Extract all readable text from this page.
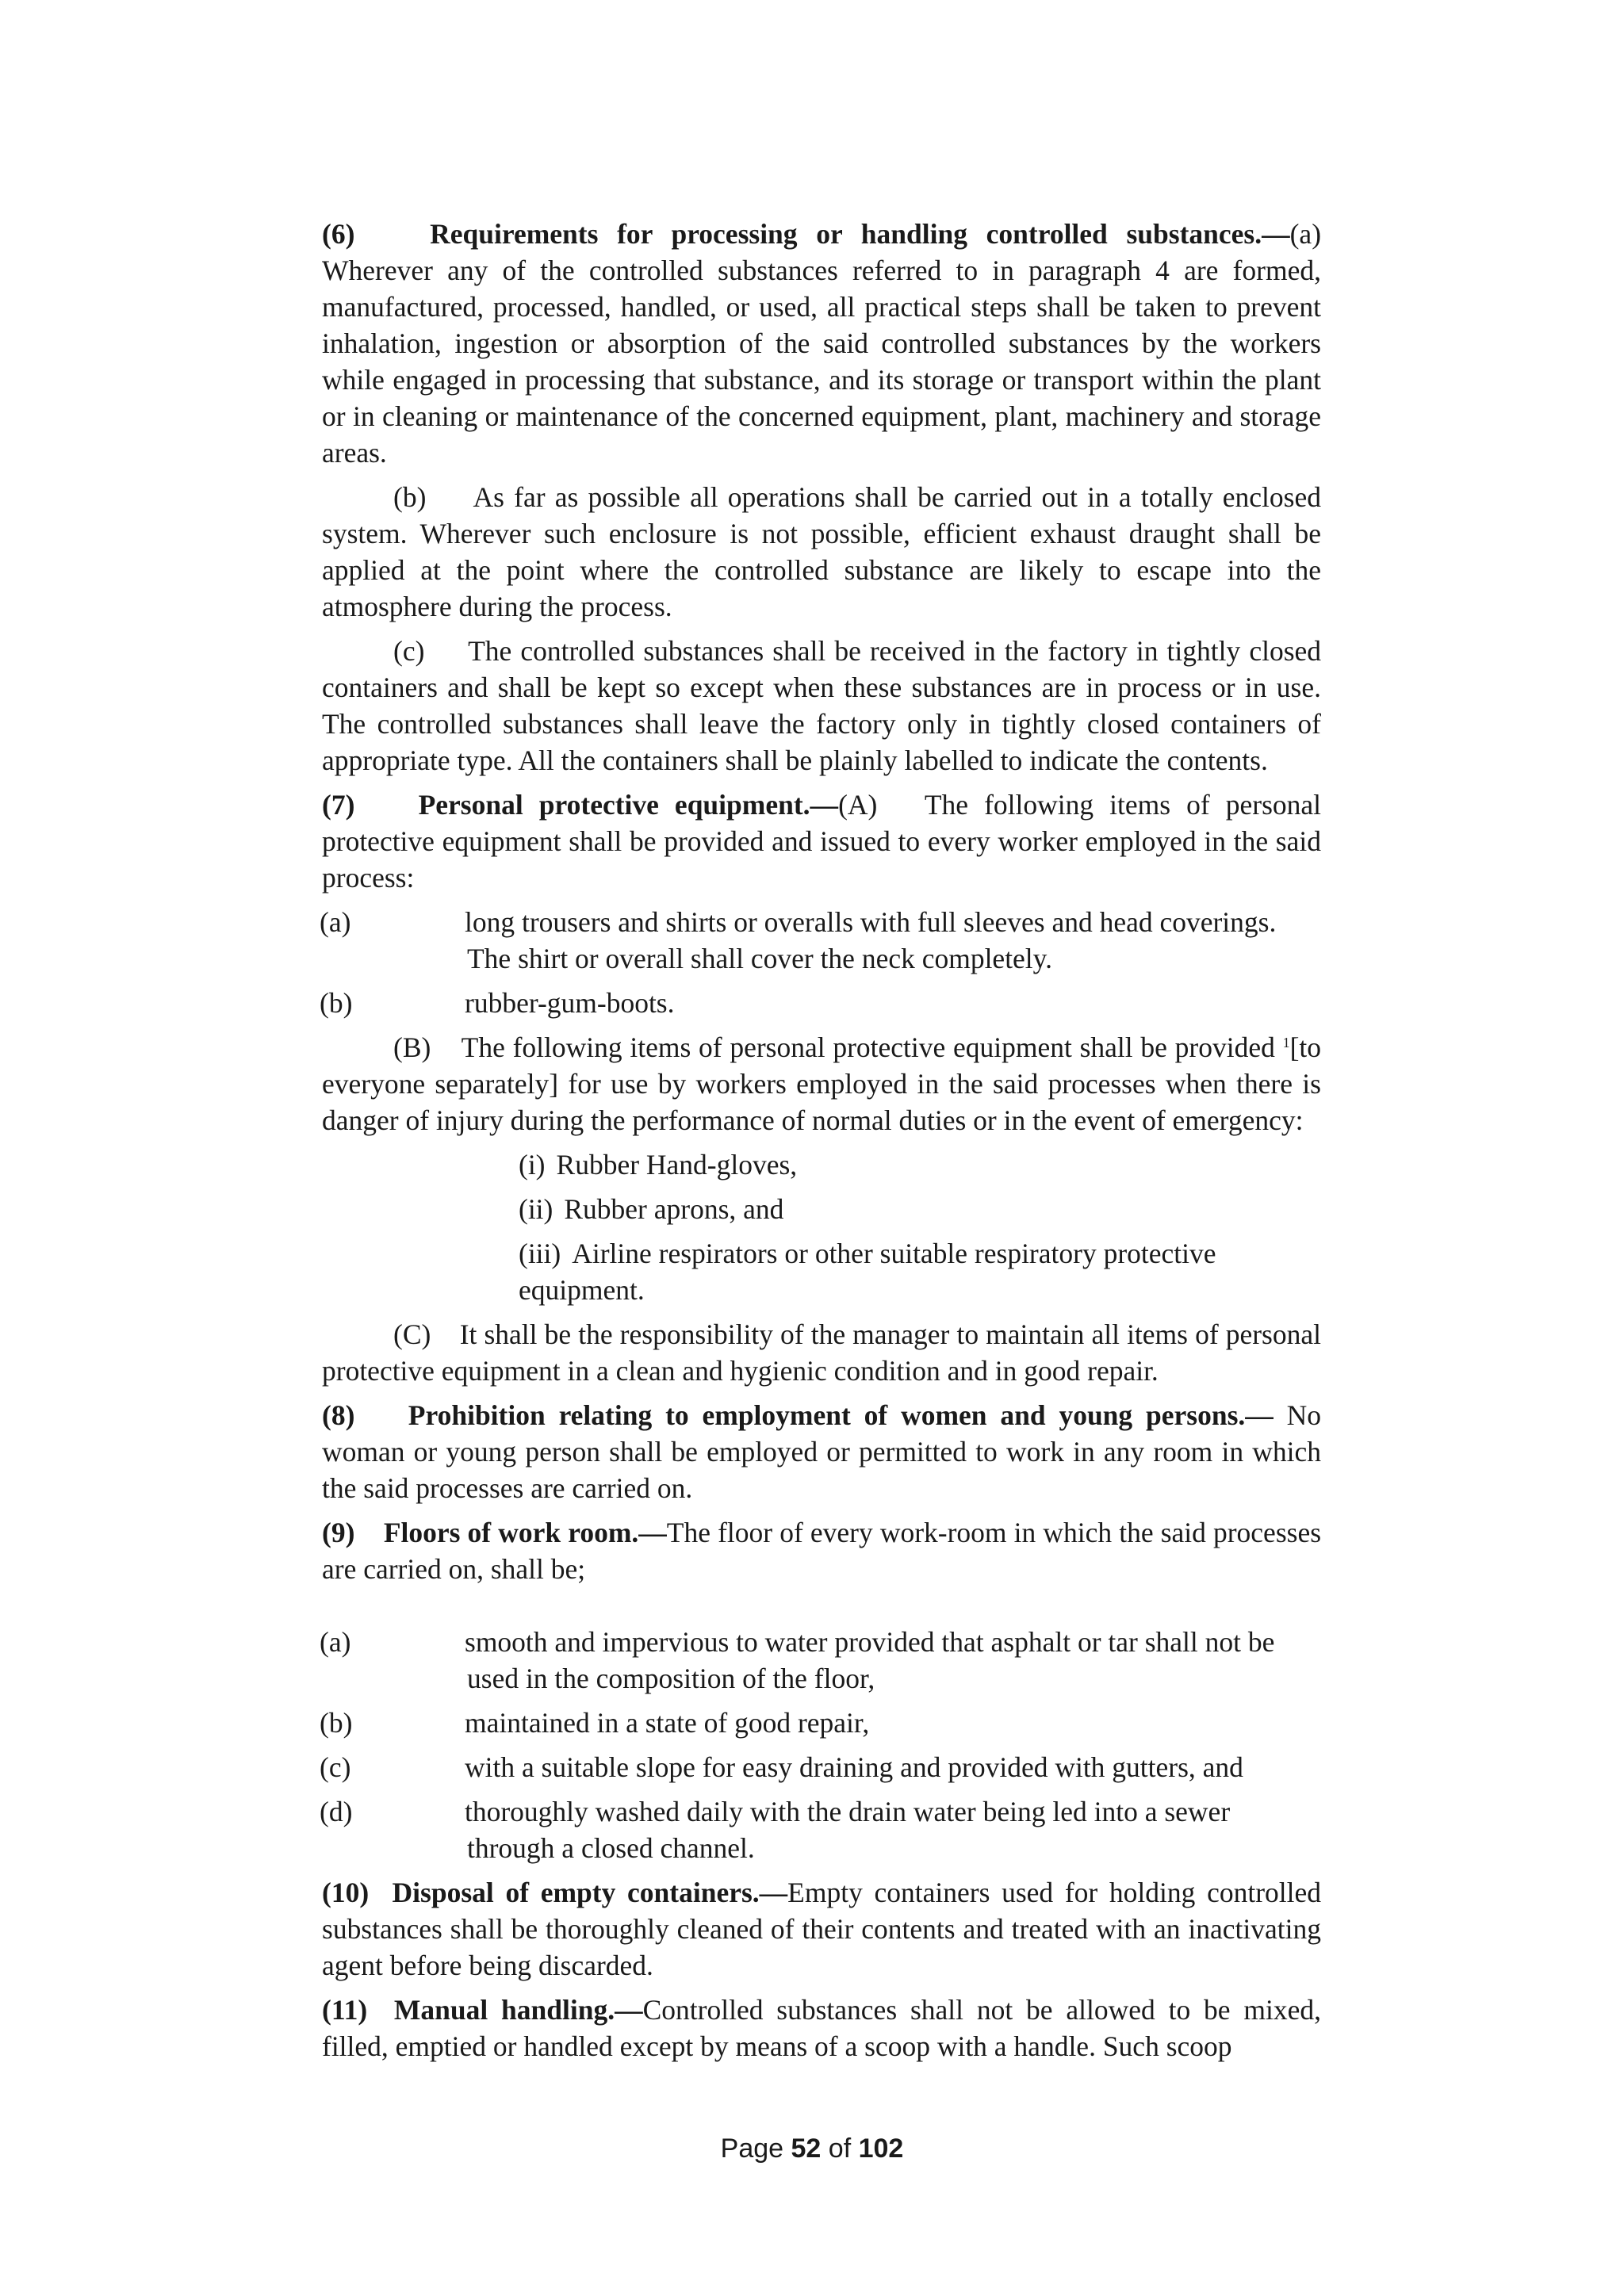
(6)	Requirements for processing or handling controlled substances.—(a) Wherever any of the controlled substances referred to in paragraph 4 are formed, manufactured, processed, handled, or used, all practical steps shall be taken to prevent inhalation, ingestion or absorption of the said controlled substances by the workers while engaged in processing that substance, and its storage or transport within the plant or in cleaning or maintenance of the concerned equipment, plant, machinery and storage areas.

(b) As far as possible all operations shall be carried out in a totally enclosed system. Wherever such enclosure is not possible, efficient exhaust draught shall be applied at the point where the controlled substance are likely to escape into the atmosphere during the process.

(c) The controlled substances shall be received in the factory in tightly closed containers and shall be kept so except when these substances are in process or in use. The controlled substances shall leave the factory only in tightly closed containers of appropriate type. All the containers shall be plainly labelled to indicate the contents.

(7) Personal protective equipment.—(A) The following items of personal protective equipment shall be provided and issued to every worker employed in the said process:

(a)	long trousers and shirts or overalls with full sleeves and head coverings. The shirt or overall shall cover the neck completely.

(b)	rubber-gum-boots.

(B) The following items of personal protective equipment shall be provided $^1$[to everyone separately] for use by workers employed in the said processes when there is danger of injury during the performance of normal duties or in the event of emergency:

(i) Rubber Hand-gloves,

(ii) Rubber aprons, and

(iii) Airline respirators or other suitable respiratory protective equipment.

(C) It shall be the responsibility of the manager to maintain all items of personal protective equipment in a clean and hygienic condition and in good repair.

(8) Prohibition relating to employment of women and young persons.— No woman or young person shall be employed or permitted to work in any room in which the said processes are carried on.

(9) Floors of work room.—The floor of every work-room in which the said processes are carried on, shall be;

(a)	smooth and impervious to water provided that asphalt or tar shall not be used in the composition of the floor,

(b)	maintained in a state of good repair,

(c)	with a suitable slope for easy draining and provided with gutters, and

(d)	thoroughly washed daily with the drain water being led into a sewer through a closed channel.

(10) Disposal of empty containers.—Empty containers used for holding controlled substances shall be thoroughly cleaned of their contents and treated with an inactivating agent before being discarded.

(11) Manual handling.—Controlled substances shall not be allowed to be mixed, filled, emptied or handled except by means of a scoop with a handle. Such scoop

Page 52 of 102
